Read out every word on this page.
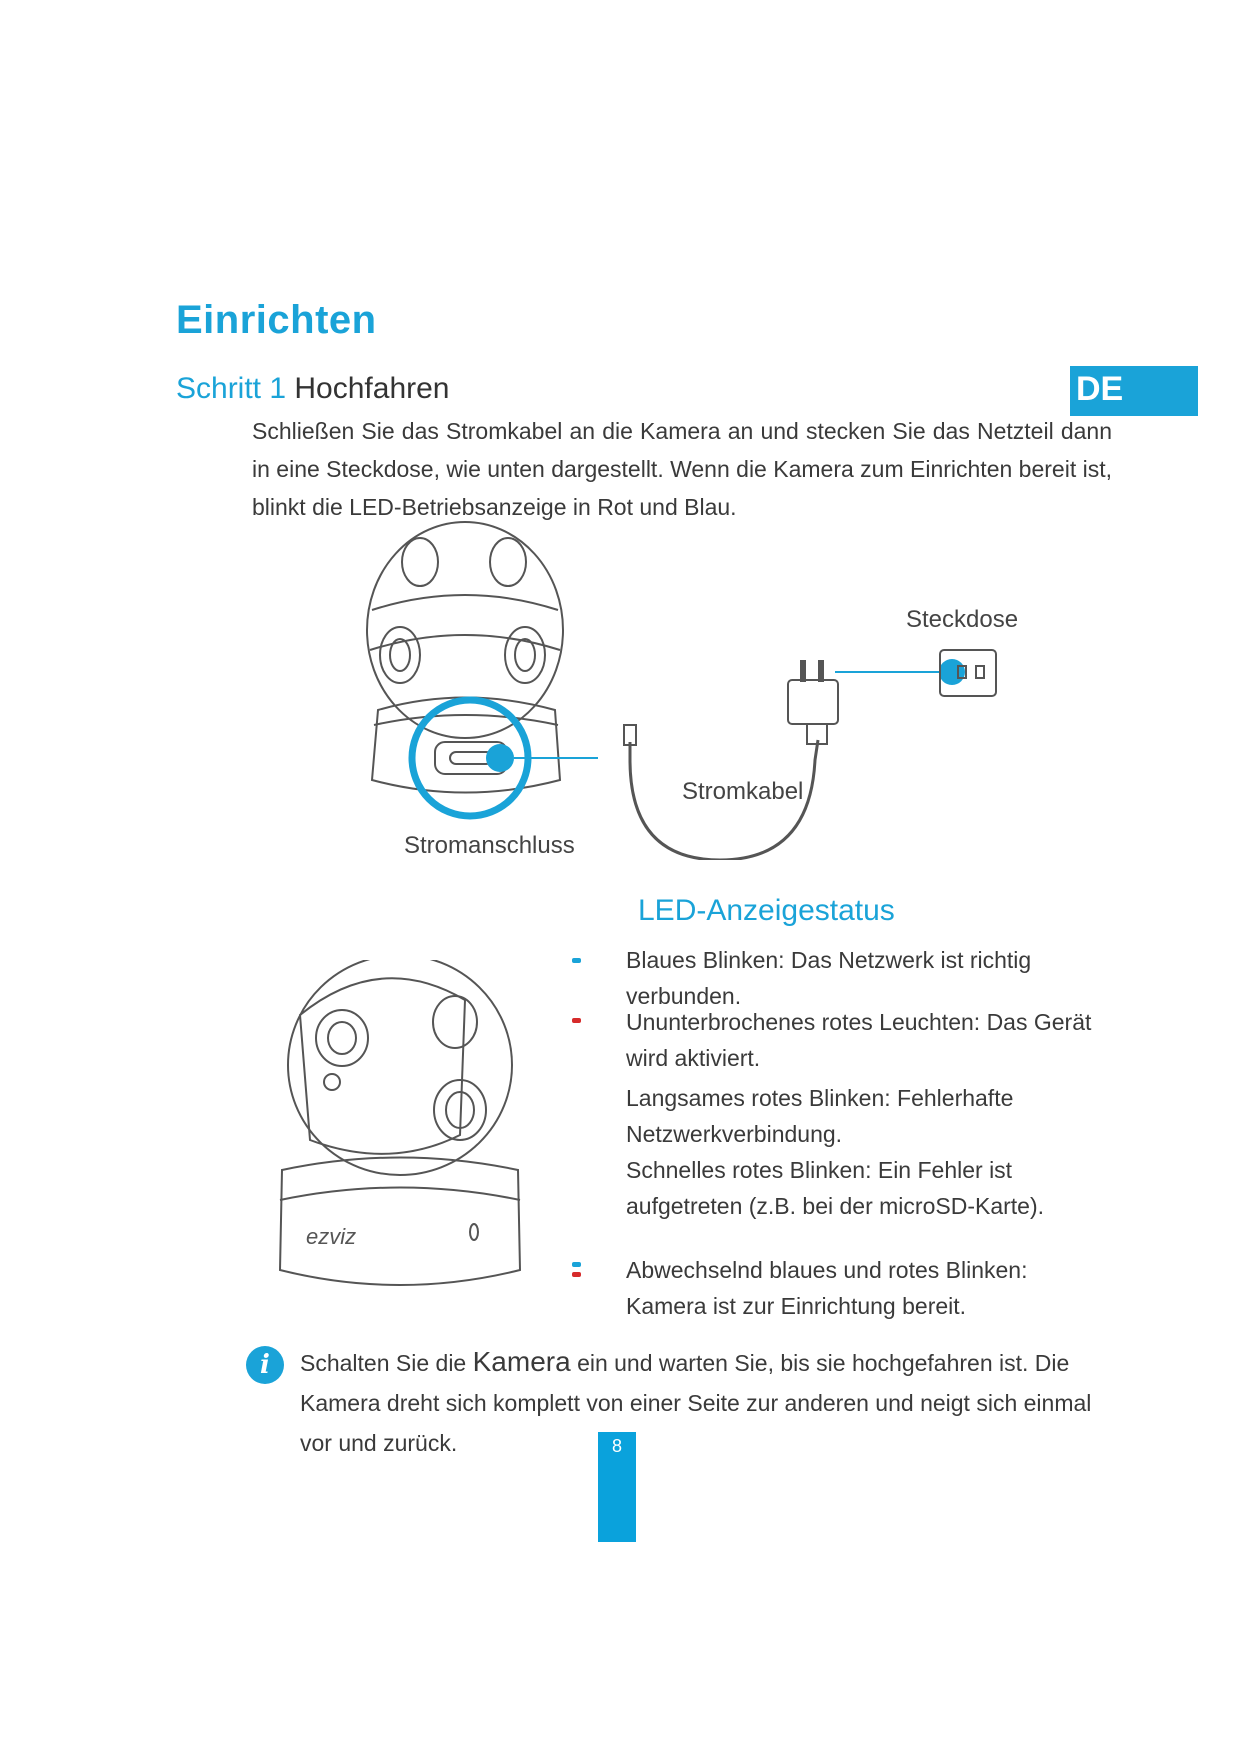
Einrichten
Schritt 1 Hochfahren	DE
Schließen Sie das Stromkabel an die Kamera an und stecken Sie das Netzteil dann in eine Steckdose, wie unten dargestellt. Wenn die Kamera zum Einrichten bereit ist, blinkt die LED-Betriebsanzeige in Rot und Blau.
Steckdose
Stromkabel
Stromanschluss
ezviz
LED-Anzeigestatus
Blaues Blinken: Das Netzwerk ist richtig verbunden.
Ununterbrochenes rotes Leuchten: Das Gerät wird aktiviert.
Langsames rotes Blinken: Fehlerhafte Netzwerkverbindung.
Schnelles rotes Blinken: Ein Fehler ist aufgetreten (z.B. bei der microSD-Karte).
Abwechselnd blaues und rotes Blinken: Kamera ist zur Einrichtung bereit.
i	Schalten Sie die Kamera ein und warten Sie, bis sie hochgefahren ist. Die Kamera dreht sich komplett von einer Seite zur anderen und neigt sich einmal vor und zurück.	8
